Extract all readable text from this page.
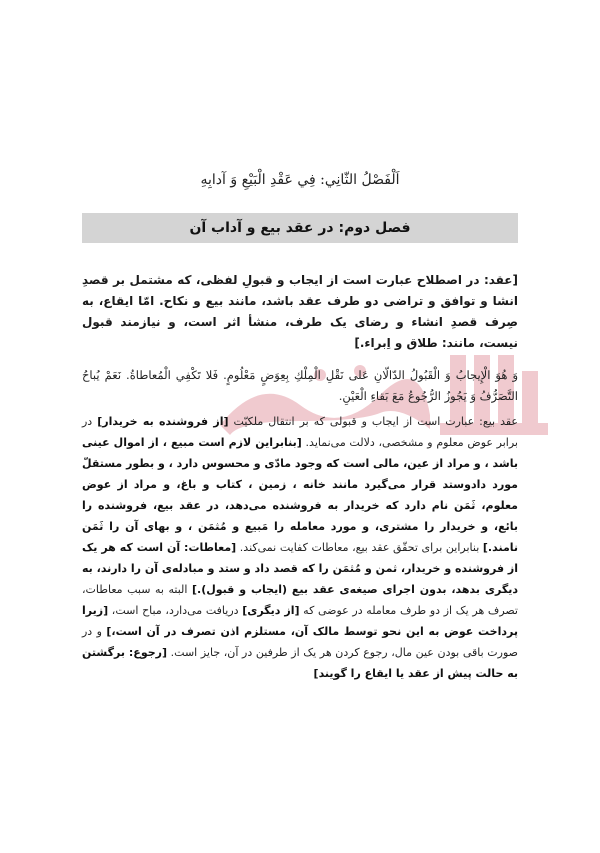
اَلْفَصْلُ الثّانِي: فِي عَقْدِ الْبَيْعِ وَ آدابِهِ
فصل دوم: در عقد بیع و آداب آن

[عقد: در اصطلاح عبارت است از ایجاب و قبولِ لفظی، که مشتمل بر قصدِ انشا و توافق و تراضی دو طرف عقد باشد، مانند بیع و نکاح. امّا ایقاع، به صِرف قصدِ انشاء و رضای یک طرف، منشأ اثر است، و نیازمند قبول نیست، مانند: طلاق و اِبراء.]

وَ هُوَ الْإِيجابُ وَ الْقَبُولُ الدّالّانِ عَلى نَقْلِ الْمِلْكِ بِعِوَضٍ مَعْلُومٍ. فَلا تَكْفِي الْمُعاطاةُ. نَعَمْ يُباحُ التَّصَرُّفُ وَ يَجُوزُ الرُّجُوعُ مَعَ بَقاءِ الْعَيْنِ.

عقد بیع: عبارت است از ایجاب و قبولی که بر انتقال ملکیّت [از فروشنده به خریدار] در برابر عوض معلوم و مشخصی، دلالت می‌نماید. [بنابراین لازم است مبیع ، از اموال عینی باشد ، و مراد از عین، مالی است که وجود مادّی و محسوس دارد ، و بطور مستقلّ مورد دادوستد قرار می‌گیرد مانند خانه ، زمین ، کتاب و باغ، و مراد از عوض معلوم، ثَمَن نام دارد که خریدار به فروشنده می‌دهد، در عقد بیع، فروشنده را بائع، و خریدار را مشتری، و مورد معامله را مَبیع و مُثمَن ، و بهای آن را ثَمَن نامند.] بنابراین برای تحقّق عقد بیع، معاطات کفایت نمی‌کند. [معاطات: آن است که هر یک از فروشنده و خریدار، ثمن و مُثمَن را که قصد داد و ستد و مبادله‌ی آن را دارند، به دیگری بدهد، بدون اجرای صیغه‌ی عقد بیع (ایجاب و قبول).] البته به سبب معاطات، تصرف هر یک از دو طرف معامله در عوضی که [از دیگری] دریافت می‌دارد، مباح است، [زیرا پرداخت عوض به این نحو توسط مالک آن، مستلزم اذن تصرف در آن است،] و در صورت باقی بودن عین مال، رجوع کردن هر یک از طرفین در آن، جایز است. [رجوع: برگشتن به حالت پیش از عقد یا ایقاع را گویند]
